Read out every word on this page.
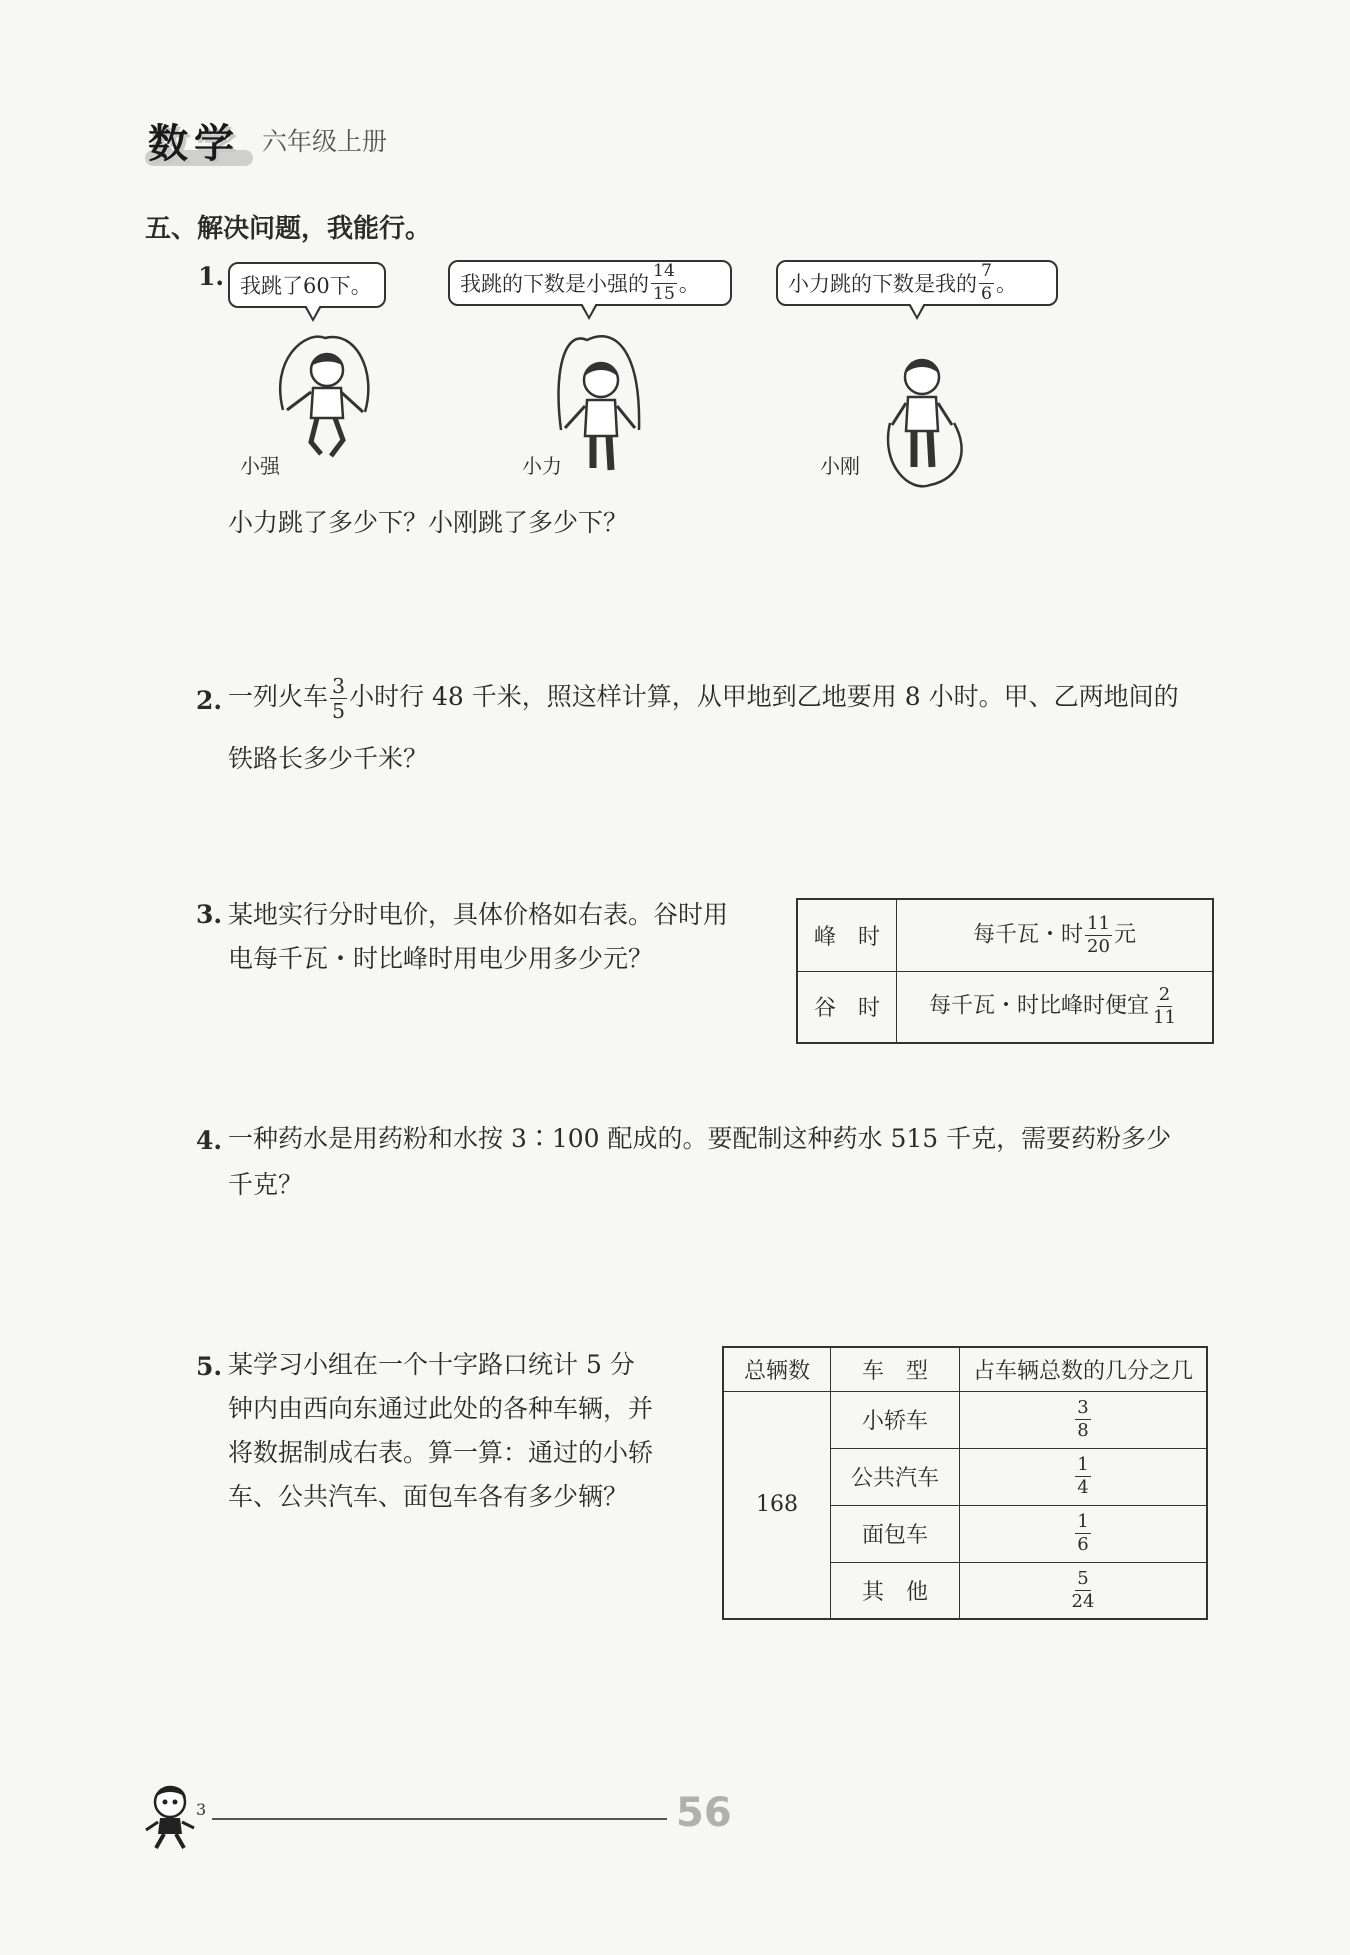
数学 六年级上册
五、解决问题，我能行。
1. 我跳了60下。	我跳的下数是小强的 $\frac{14}{15}$ 。	小力跳的下数是我的 $\frac{7}{6}$ 。
小强	小力	小刚
小力跳了多少下？小刚跳了多少下？
2. 一列火车 $\frac{3}{5}$ 小时行 48 千米，照这样计算，从甲地到乙地要用 8 小时。甲、乙两地间的
铁路长多少千米？
3. 某地实行分时电价，具体价格如右表。谷时用
电每千瓦・时比峰时用电少用多少元？
峰　时	每千瓦・时 $\frac{11}{20}$ 元
谷　时	每千瓦・时比峰时便宜 $\frac{2}{11}$
4. 一种药水是用药粉和水按 3∶100 配成的。要配制这种药水 515 千克，需要药粉多少
千克？
5. 某学习小组在一个十字路口统计 5 分
钟内由西向东通过此处的各种车辆，并
将数据制成右表。算一算：通过的小轿
车、公共汽车、面包车各有多少辆？
总辆数	车　型	占车辆总数的几分之几
168	小轿车	$\frac{3}{8}$

	公共汽车	$\frac{1}{4}$

	面包车	$\frac{1}{6}$

	其　他	$\frac{5}{24}$
3	56
